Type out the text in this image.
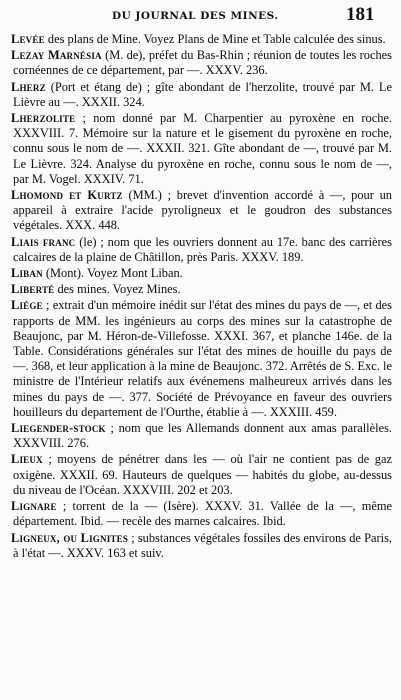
DU JOURNAL DES MINES.	181

Levée des plans de Mine. Voyez Plans de Mine et Table calculée des sinus.

Lezay Marnésia (M. de), préfet du Bas-Rhin ; réunion de toutes les roches cornéennes de ce département, par —. XXXV. 236.

Lherz (Port et étang de) ; gîte abondant de l'herzolite, trouvé par M. Le Lièvre au —. XXXII. 324.

Lherzolite ; nom donné par M. Charpentier au pyroxène en roche. XXXVIII. 7. Mémoire sur la nature et le gisement du pyroxène en roche, connu sous le nom de —. XXXII. 321. Gîte abondant de —, trouvé par M. Le Lièvre. 324. Analyse du pyroxène en roche, connu sous le nom de —, par M. Vogel. XXXIV. 71.

Lhomond et Kurtz (MM.) ; brevet d'invention accordé à —, pour un appareil à extraire l'acide pyroligneux et le goudron des substances végétales. XXX. 448.

Liais franc (le) ; nom que les ouvriers donnent au 17e. banc des carrières calcaires de la plaine de Châtillon, près Paris. XXXV. 189.

Liban (Mont). Voyez Mont Liban.

Liberté des mines. Voyez Mines.

Liége ; extrait d'un mémoire inédit sur l'état des mines du pays de —, et des rapports de MM. les ingénieurs au corps des mines sur la catastrophe de Beaujonc, par M. Héron-de-Villefosse. XXXI. 367, et planche 146e. de la Table. Considérations générales sur l'état des mines de houille du pays de —. 368, et leur application à la mine de Beaujonc. 372. Arrêtés de S. Exc. le ministre de l'Intérieur relatifs aux événemens malheureux arrivés dans les mines du pays de —. 377. Société de Prévoyance en faveur des ouvriers houilleurs du departement de l'Ourthe, établie à —. XXXIII. 459.

Liegender-stock ; nom que les Allemands donnent aux amas parallèles. XXXVIII. 276.

Lieux ; moyens de pénétrer dans les — où l'air ne contient pas de gaz oxigène. XXXII. 69. Hauteurs de quelques — habités du globe, au-dessus du niveau de l'Océan. XXXVIII. 202 et 203.

Lignare ; torrent de la — (Isère). XXXV. 31. Vallée de la —, même département. Ibid. — recèle des marnes calcaires. Ibid.

Ligneux, ou Lignites ; substances végétales fossiles des environs de Paris, à l'état —. XXXV. 163 et suiv.
